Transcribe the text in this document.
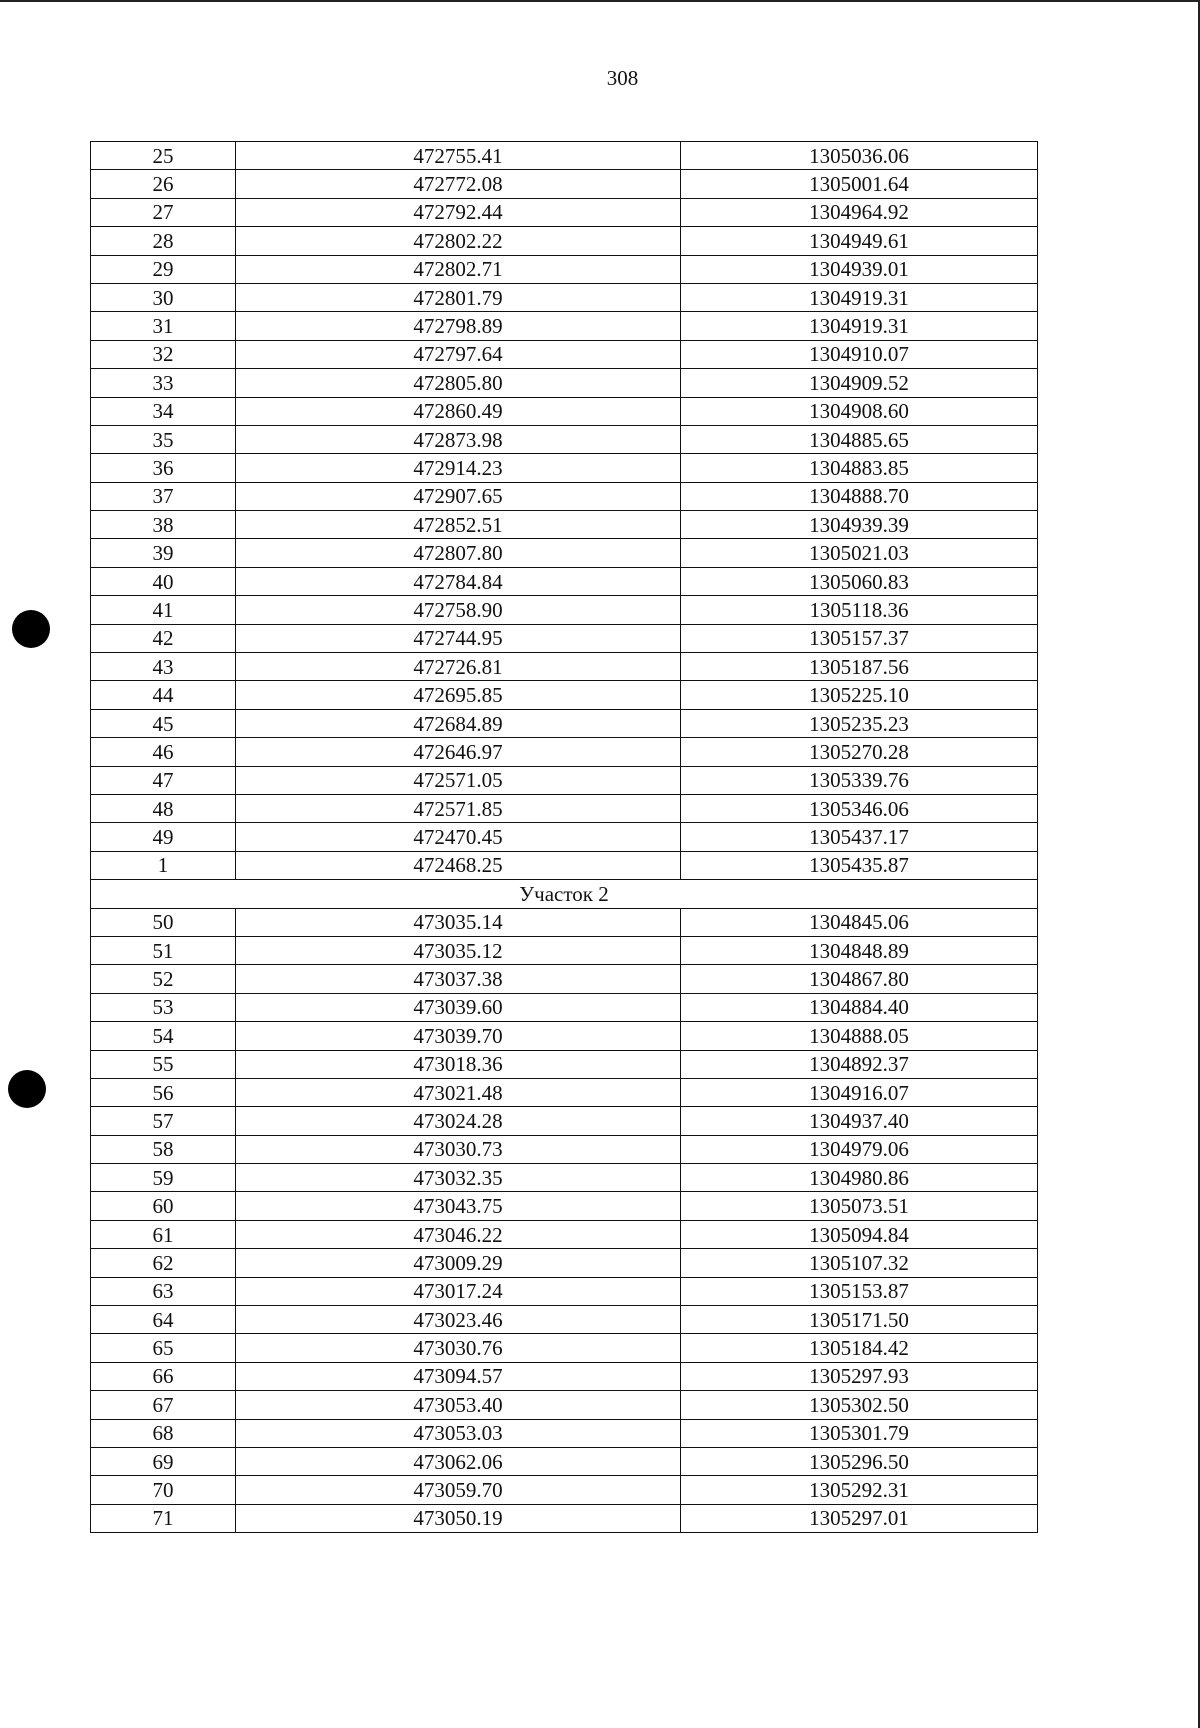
308
25	472755.41	1305036.06
26	472772.08	1305001.64
27	472792.44	1304964.92
28	472802.22	1304949.61
29	472802.71	1304939.01
30	472801.79	1304919.31
31	472798.89	1304919.31
32	472797.64	1304910.07
33	472805.80	1304909.52
34	472860.49	1304908.60
35	472873.98	1304885.65
36	472914.23	1304883.85
37	472907.65	1304888.70
38	472852.51	1304939.39
39	472807.80	1305021.03
40	472784.84	1305060.83
41	472758.90	1305118.36
42	472744.95	1305157.37
43	472726.81	1305187.56
44	472695.85	1305225.10
45	472684.89	1305235.23
46	472646.97	1305270.28
47	472571.05	1305339.76
48	472571.85	1305346.06
49	472470.45	1305437.17
1	472468.25	1305435.87
Участок 2		
50	473035.14	1304845.06
51	473035.12	1304848.89
52	473037.38	1304867.80
53	473039.60	1304884.40
54	473039.70	1304888.05
55	473018.36	1304892.37
56	473021.48	1304916.07
57	473024.28	1304937.40
58	473030.73	1304979.06
59	473032.35	1304980.86
60	473043.75	1305073.51
61	473046.22	1305094.84
62	473009.29	1305107.32
63	473017.24	1305153.87
64	473023.46	1305171.50
65	473030.76	1305184.42
66	473094.57	1305297.93
67	473053.40	1305302.50
68	473053.03	1305301.79
69	473062.06	1305296.50
70	473059.70	1305292.31
71	473050.19	1305297.01
